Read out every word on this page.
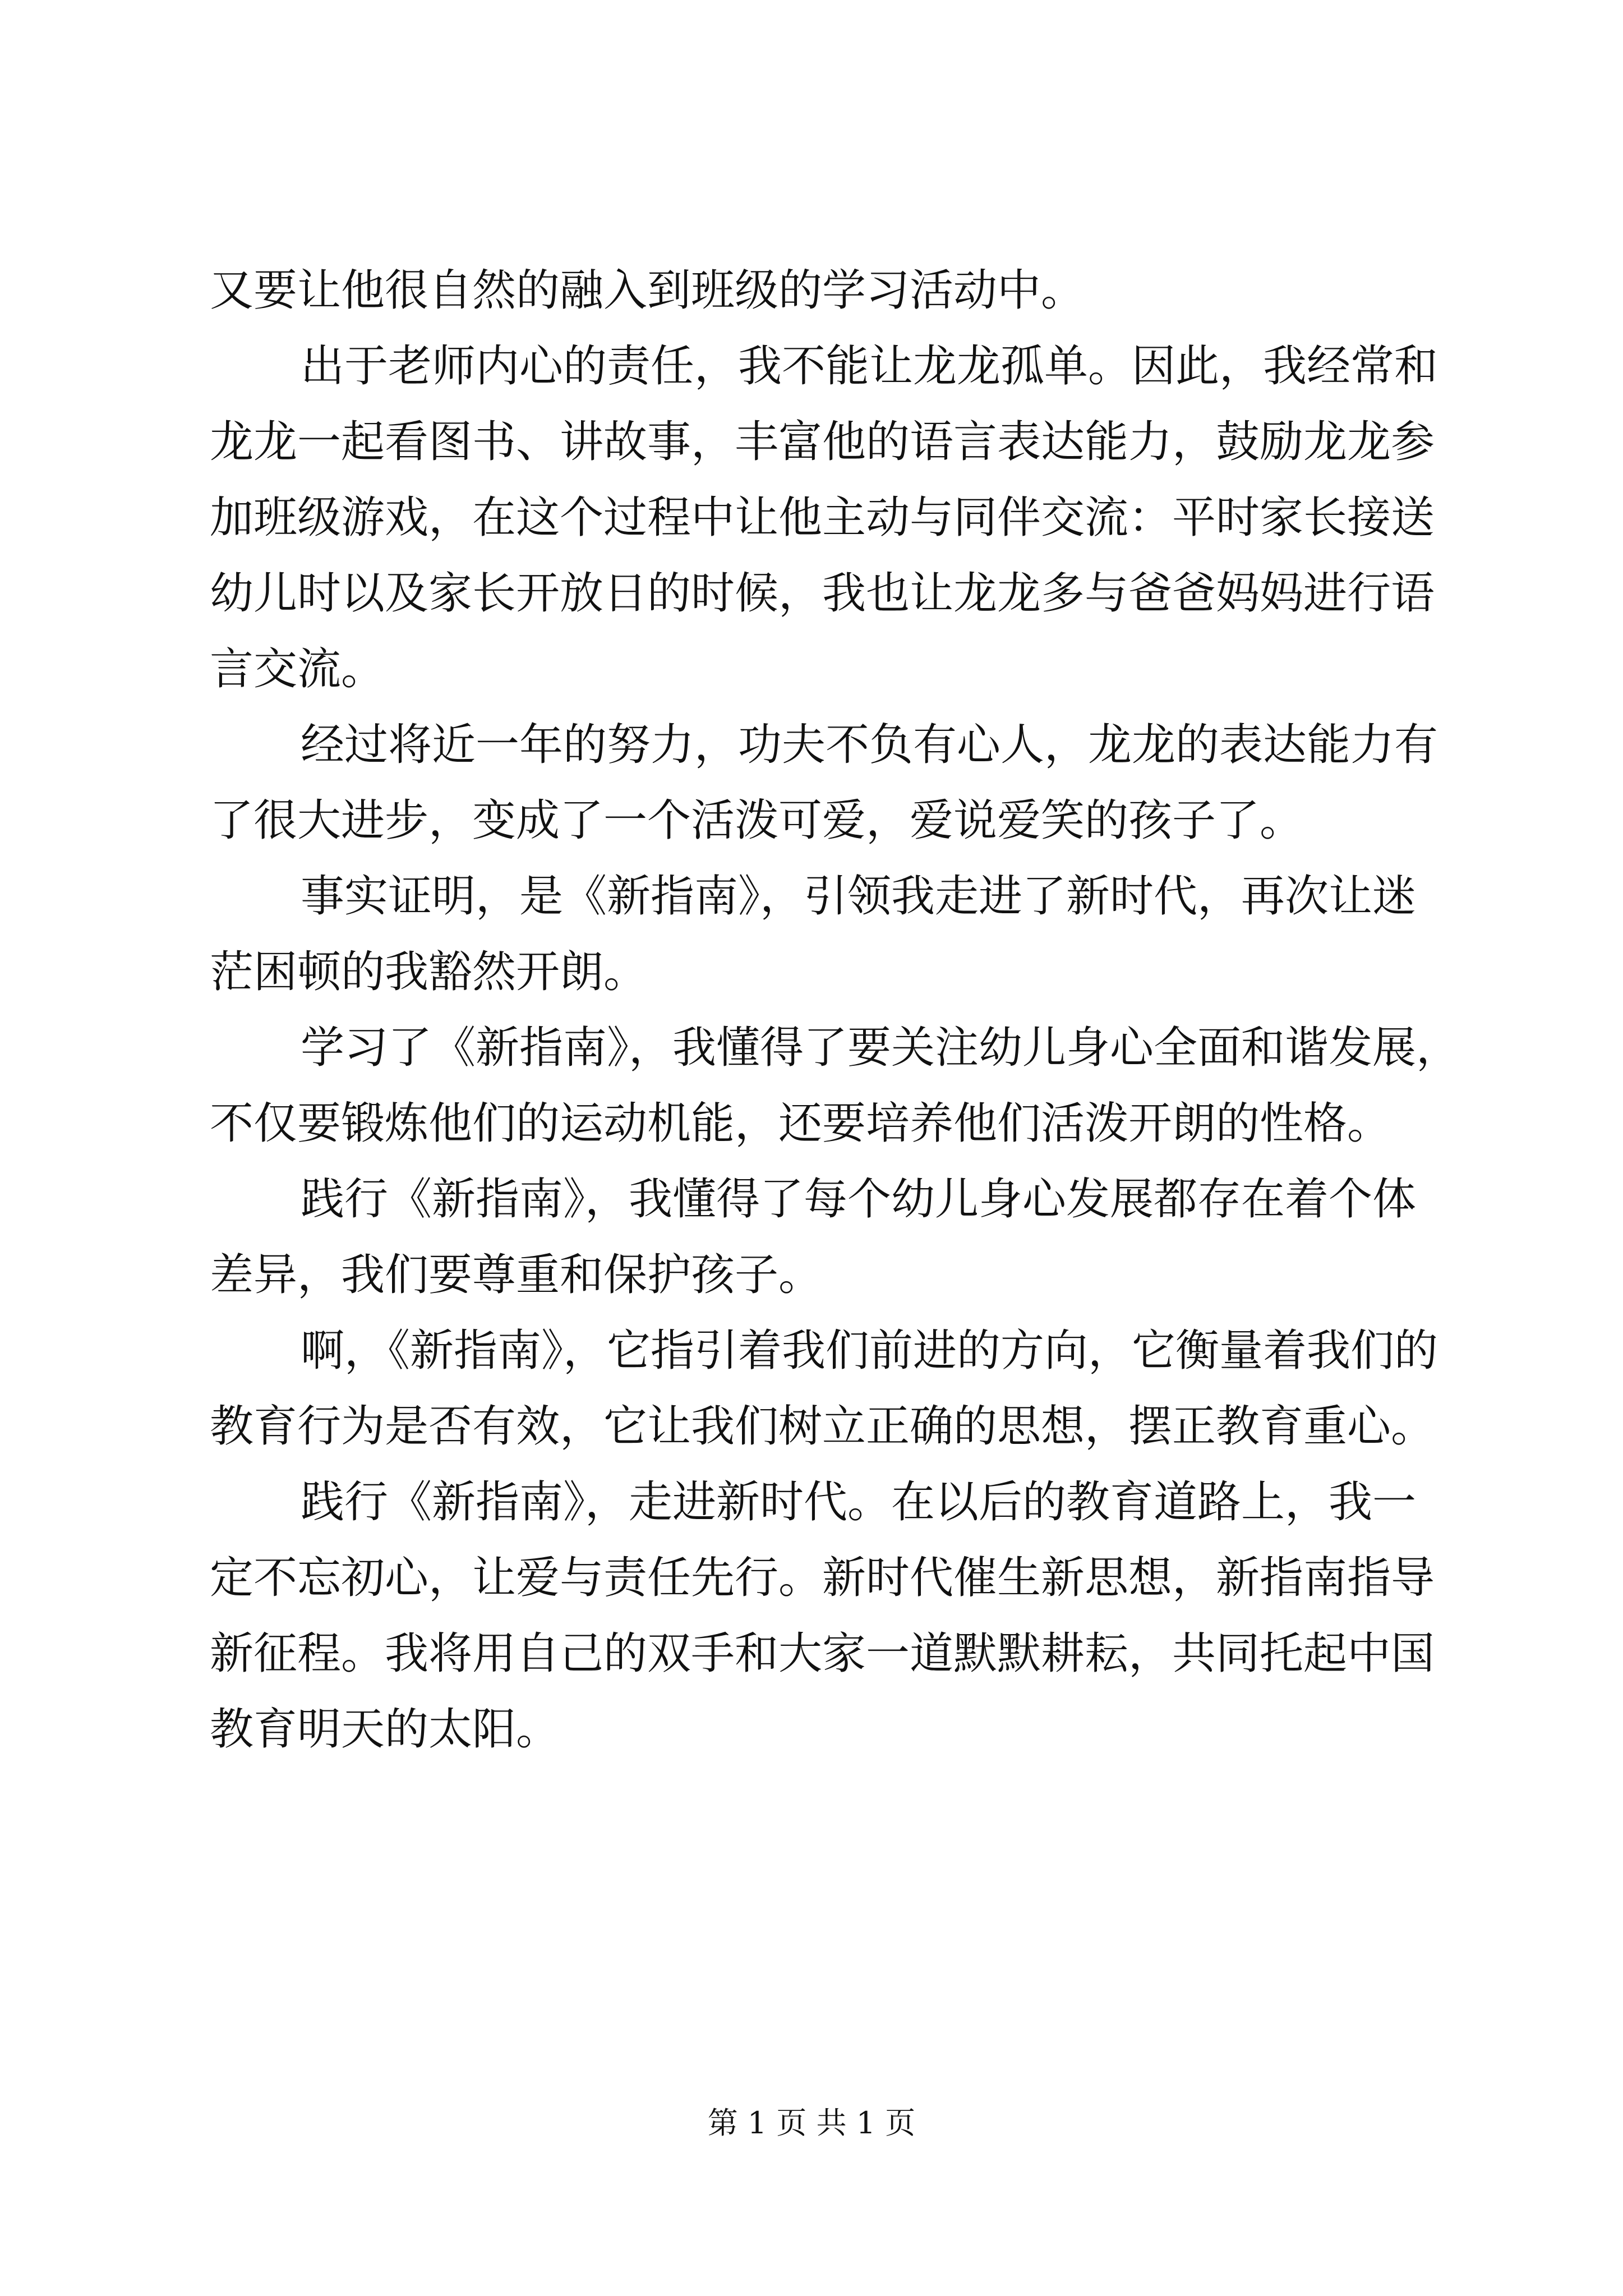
又要让他很自然的融入到班级的学习活动中。
出于老师内心的责任，我不能让龙龙孤单。因此，我经常和
龙龙一起看图书、讲故事，丰富他的语言表达能力，鼓励龙龙参
加班级游戏，在这个过程中让他主动与同伴交流：平时家长接送
幼儿时以及家长开放日的时候，我也让龙龙多与爸爸妈妈进行语
言交流。
经过将近一年的努力，功夫不负有心人，龙龙的表达能力有
了很大进步，变成了一个活泼可爱，爱说爱笑的孩子了。
事实证明，是《新指南》，引领我走进了新时代，再次让迷
茫困顿的我豁然开朗。
学习了《新指南》，我懂得了要关注幼儿身心全面和谐发展，
不仅要锻炼他们的运动机能，还要培养他们活泼开朗的性格。
践行《新指南》，我懂得了每个幼儿身心发展都存在着个体
差异，我们要尊重和保护孩子。
啊，《新指南》，它指引着我们前进的方向，它衡量着我们的
教育行为是否有效，它让我们树立正确的思想，摆正教育重心。
践行《新指南》，走进新时代。在以后的教育道路上，我一
定不忘初心，让爱与责任先行。新时代催生新思想，新指南指导
新征程。我将用自己的双手和大家一道默默耕耘，共同托起中国
教育明天的太阳。
第 1 页 共 1 页
